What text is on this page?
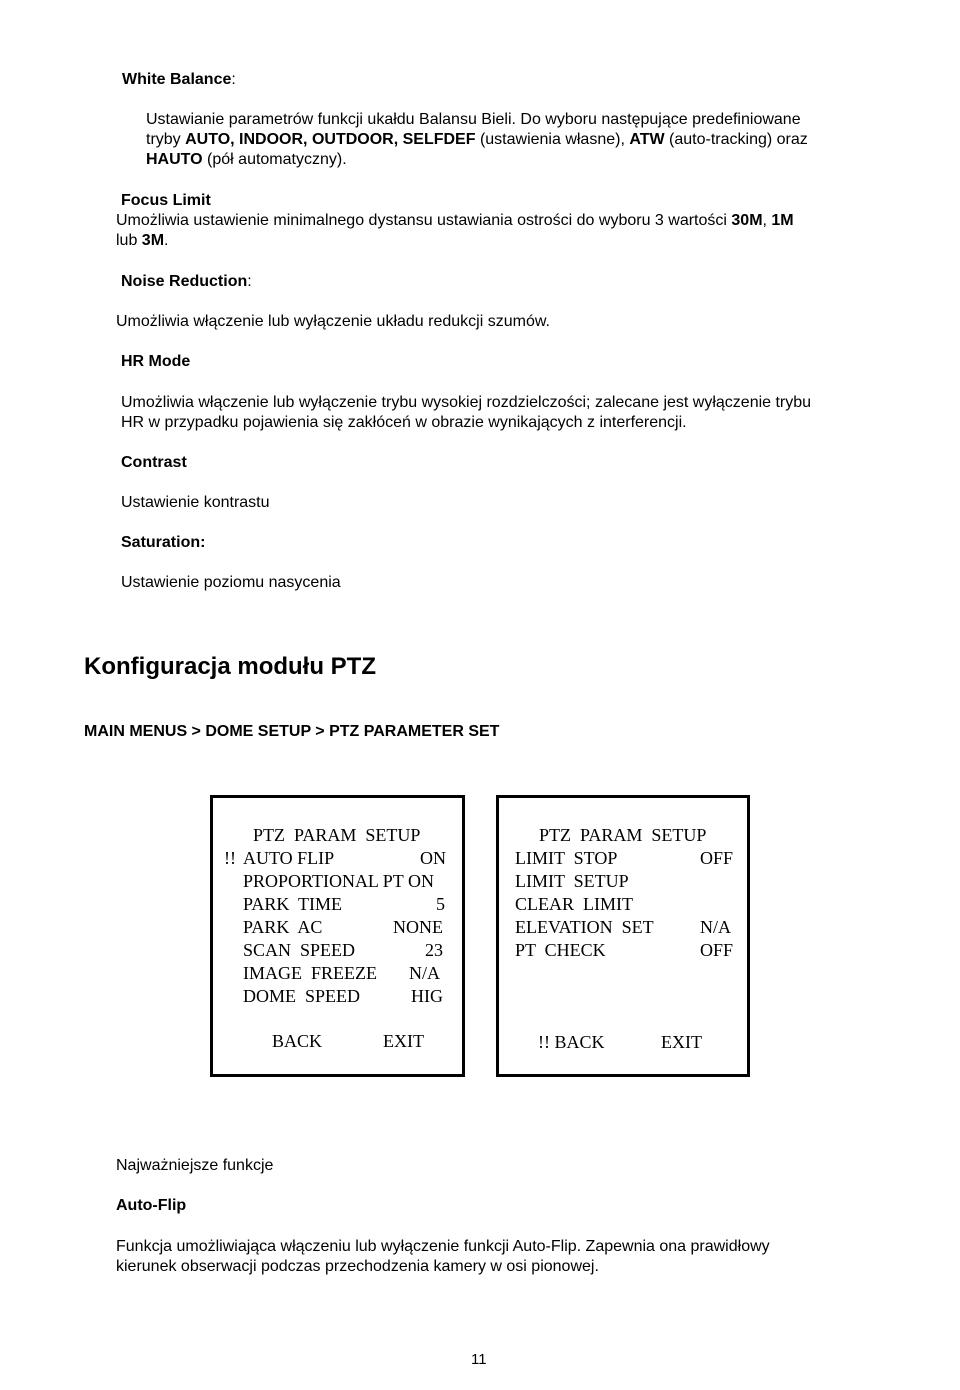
White Balance:

Ustawianie parametrów funkcji ukałdu Balansu Bieli. Do wyboru następujące predefiniowane

tryby AUTO, INDOOR, OUTDOOR, SELFDEF (ustawienia własne), ATW (auto-tracking) oraz

HAUTO (pół automatyczny).

Focus Limit

Umożliwia ustawienie minimalnego dystansu ustawiania ostrości do wyboru 3 wartości 30M, 1M

lub 3M.

Noise Reduction:

Umożliwia włączenie lub wyłączenie układu redukcji szumów.

HR Mode

Umożliwia włączenie lub wyłączenie trybu wysokiej rozdzielczości; zalecane jest wyłączenie trybu

HR w przypadku pojawienia się zakłóceń w obrazie wynikających z interferencji.

Contrast

Ustawienie kontrastu

Saturation:

Ustawienie poziomu nasycenia

Konfiguracja modułu PTZ

MAIN MENUS > DOME SETUP > PTZ PARAMETER SET

PTZ  PARAM  SETUP
!! AUTO FLIP	ON
PROPORTIONAL PT ON
PARK  TIME	5
PARK  AC	NONE
SCAN  SPEED	23
IMAGE  FREEZE N/A
DOME  SPEED	HIG
BACK	EXIT
PTZ  PARAM  SETUP
LIMIT  STOP	OFF
LIMIT  SETUP
CLEAR  LIMIT
ELEVATION  SET	N/A
PT  CHECK	OFF
!! BACK	EXIT

Najważniejsze funkcje

Auto-Flip

Funkcja umożliwiająca włączeniu lub wyłączenie funkcji Auto-Flip. Zapewnia ona prawidłowy

kierunek obserwacji podczas przechodzenia kamery w osi pionowej.

11
